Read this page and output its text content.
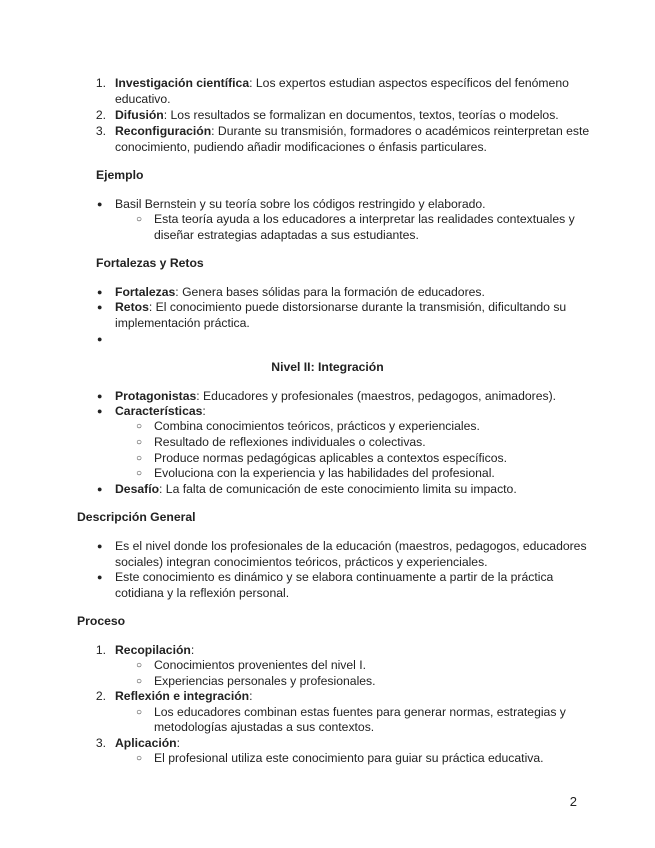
1. Investigación científica: Los expertos estudian aspectos específicos del fenómeno
educativo.
2. Difusión: Los resultados se formalizan en documentos, textos, teorías o modelos.
3. Reconfiguración: Durante su transmisión, formadores o académicos reinterpretan este
conocimiento, pudiendo añadir modificaciones o énfasis particulares.
Ejemplo
● Basil Bernstein y su teoría sobre los códigos restringido y elaborado.
○ Esta teoría ayuda a los educadores a interpretar las realidades contextuales y
diseñar estrategias adaptadas a sus estudiantes.
Fortalezas y Retos
● Fortalezas: Genera bases sólidas para la formación de educadores.
● Retos: El conocimiento puede distorsionarse durante la transmisión, dificultando su
implementación práctica.
●
Nivel II: Integración
● Protagonistas: Educadores y profesionales (maestros, pedagogos, animadores).
● Características:
○ Combina conocimientos teóricos, prácticos y experienciales.
○ Resultado de reflexiones individuales o colectivas.
○ Produce normas pedagógicas aplicables a contextos específicos.
○ Evoluciona con la experiencia y las habilidades del profesional.
● Desafío: La falta de comunicación de este conocimiento limita su impacto.
Descripción General
● Es el nivel donde los profesionales de la educación (maestros, pedagogos, educadores
sociales) integran conocimientos teóricos, prácticos y experienciales.
● Este conocimiento es dinámico y se elabora continuamente a partir de la práctica
cotidiana y la reflexión personal.
Proceso
1. Recopilación:
○ Conocimientos provenientes del nivel I.
○ Experiencias personales y profesionales.
2. Reflexión e integración:
○ Los educadores combinan estas fuentes para generar normas, estrategias y
metodologías ajustadas a sus contextos.
3. Aplicación:
○ El profesional utiliza este conocimiento para guiar su práctica educativa.
2
